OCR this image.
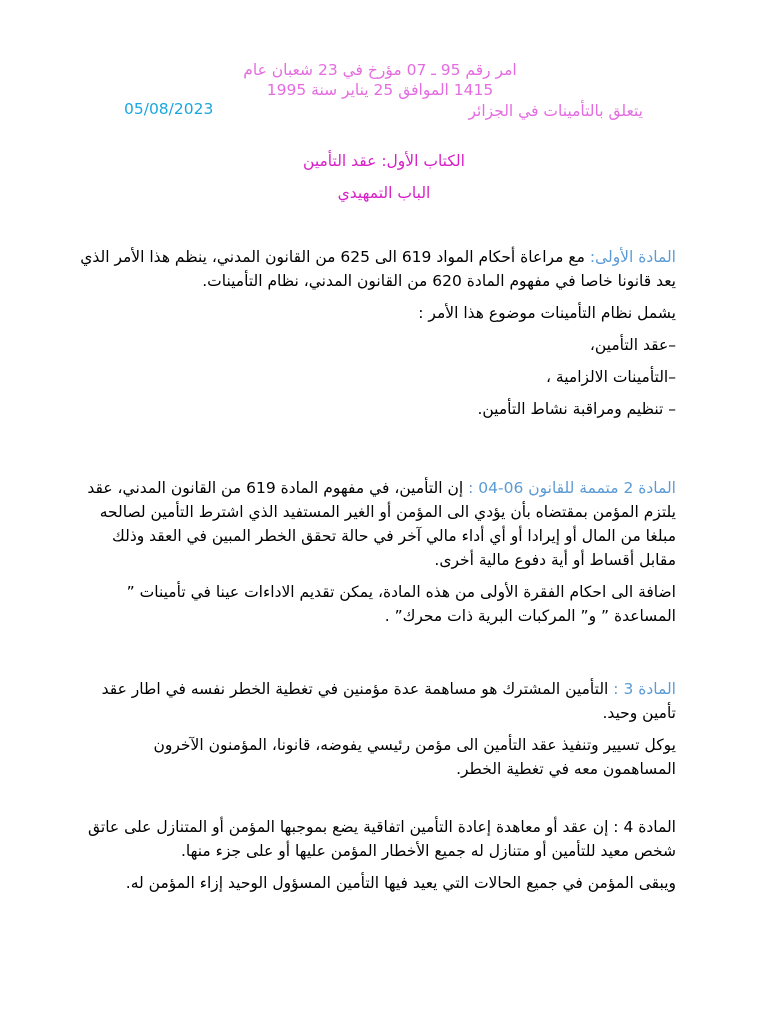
امر رقم 95 ـ 07 مؤرخ في 23 شعبان عام
1415 الموافق 25 يناير سنة 1995
يتعلق بالتأمينات في الجزائر
05/08/2023
الكتاب الأول: عقد التأمين
الباب التمهيدي

المادة الأولى: مع مراعاة أحكام المواد 619 الى 625 من القانون المدني، ينظم هذا الأمر الذي يعد قانونا خاصا في مفهوم المادة 620 من القانون المدني، نظام التأمينات.

يشمل نظام التأمينات موضوع هذا الأمر :

–عقد التأمين،

–التأمينات الالزامية ،

– تنظيم ومراقبة نشاط التأمين.

المادة 2 متممة للقانون 06-04 : إن التأمين، في مفهوم المادة 619 من القانون المدني، عقد يلتزم المؤمن بمقتضاه بأن يؤدي الى المؤمن أو الغير المستفيد الذي اشترط التأمين لصالحه مبلغا من المال أو إيرادا أو أي أداء مالي آخر في حالة تحقق الخطر المبين في العقد وذلك مقابل أقساط أو أية دفوع مالية أخرى.

اضافة الى احكام الفقرة الأولى من هذه المادة، يمكن تقديم الاداءات عينا في تأمينات ” المساعدة ” و” المركبات البرية ذات محرك” .

المادة 3 : التأمين المشترك هو مساهمة عدة مؤمنين في تغطية الخطر نفسه في اطار عقد تأمين وحيد.

يوكل تسيير وتنفيذ عقد التأمين الى مؤمن رئيسي يفوضه، قانونا، المؤمنون الآخرون المساهمون معه في تغطية الخطر.

المادة 4 : إن عقد أو معاهدة إعادة التأمين اتفاقية يضع بموجبها المؤمن أو المتنازل على عاتق شخص معيد للتأمين أو متنازل له جميع الأخطار المؤمن عليها أو على جزء منها.

ويبقى المؤمن في جميع الحالات التي يعيد فيها التأمين المسؤول الوحيد إزاء المؤمن له.
